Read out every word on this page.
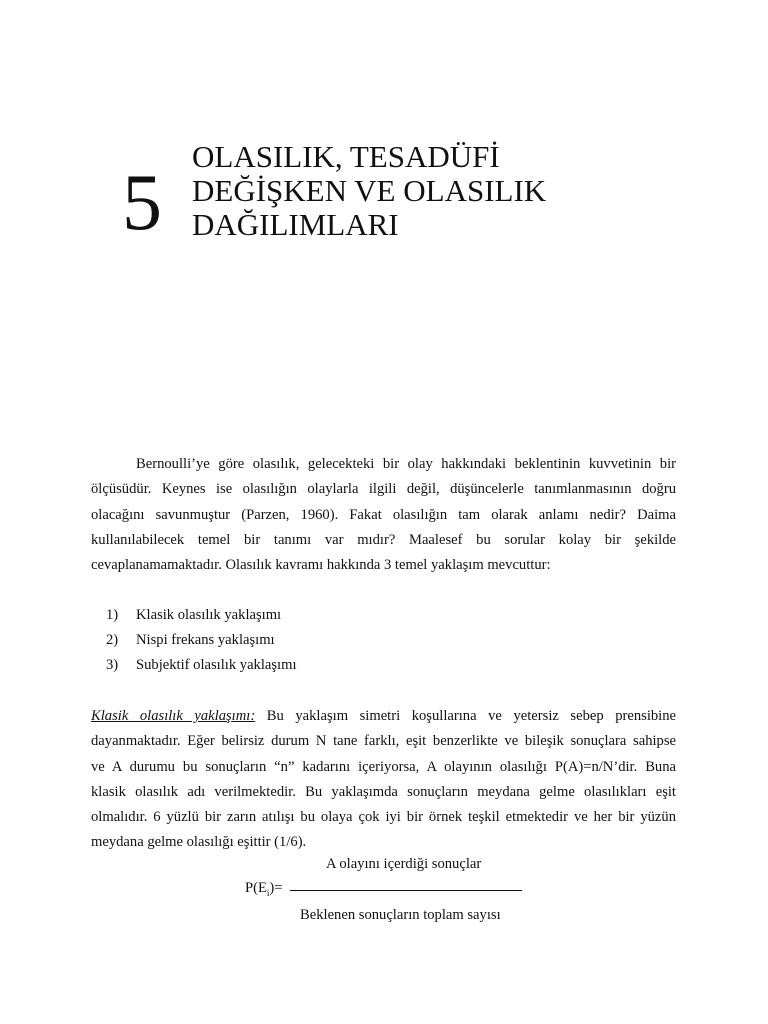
5
OLASILIK, TESADÜFİ
DEĞİŞKEN VE OLASILIK
DAĞILIMLARI
Bernoulli’ye göre olasılık, gelecekteki bir olay hakkındaki beklentinin kuvvetinin bir
ölçüsüdür. Keynes ise olasılığın olaylarla ilgili değil, düşüncelerle tanımlanmasının doğru
olacağını savunmuştur (Parzen, 1960). Fakat olasılığın tam olarak anlamı nedir? Daima
kullanılabilecek temel bir tanımı var mıdır? Maalesef bu sorular kolay bir şekilde
cevaplanamamaktadır. Olasılık kavramı hakkında 3 temel yaklaşım mevcuttur:
1) Klasik olasılık yaklaşımı
2) Nispi frekans yaklaşımı
3) Subjektif olasılık yaklaşımı
Klasik olasılık yaklaşımı: Bu yaklaşım simetri koşullarına ve yetersiz sebep prensibine
dayanmaktadır. Eğer belirsiz durum N tane farklı, eşit benzerlikte ve bileşik sonuçlara sahipse
ve A durumu bu sonuçların “n” kadarını içeriyorsa, A olayının olasılığı P(A)=n/N’dir. Buna
klasik olasılık adı verilmektedir. Bu yaklaşımda sonuçların meydana gelme olasılıkları eşit
olmalıdır. 6 yüzlü bir zarın atılışı bu olaya çok iyi bir örnek teşkil etmektedir ve her bir yüzün
meydana gelme olasılığı eşittir (1/6).
A olayını içerdiği sonuçlar
$P(E_i)=$
Beklenen sonuçların toplam sayısı
